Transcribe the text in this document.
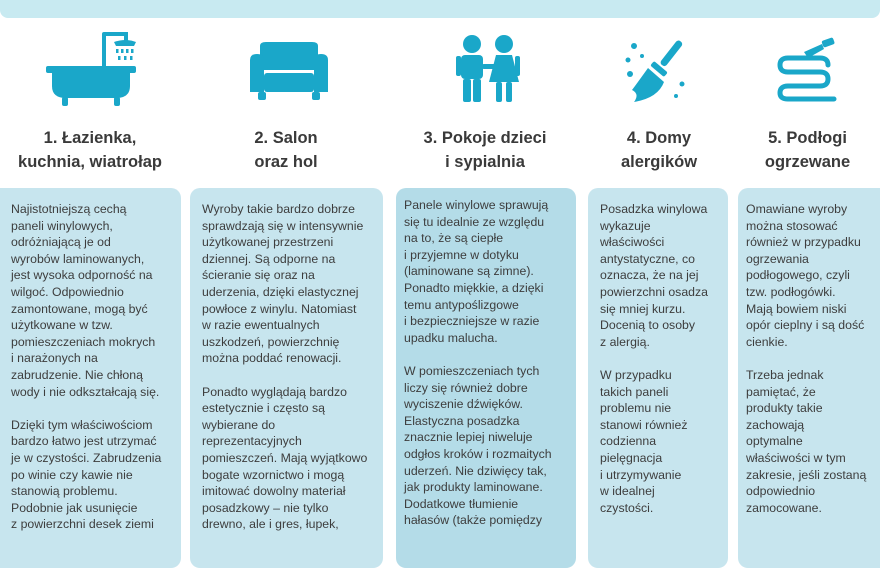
1. Łazienka,
kuchnia, wiatrołap

Najistotniejszą cechą
paneli winylowych,
odróżniającą je od
wyrobów laminowanych,
jest wysoka odporność na
wilgoć. Odpowiednio
zamontowane, mogą być
użytkowane w tzw.
pomieszczeniach mokrych
i narażonych na
zabrudzenie. Nie chłoną
wody i nie odkształcają się.

Dzięki tym właściwościom
bardzo łatwo jest utrzymać
je w czystości. Zabrudzenia
po winie czy kawie nie
stanowią problemu.
Podobnie jak usunięcie
z powierzchni desek ziemi

2. Salon
oraz hol

Wyroby takie bardzo dobrze
sprawdzają się w intensywnie
użytkowanej przestrzeni
dziennej. Są odporne na
ścieranie się oraz na
uderzenia, dzięki elastycznej
powłoce z winylu. Natomiast
w razie ewentualnych
uszkodzeń, powierzchnię
można poddać renowacji.

Ponadto wyglądają bardzo
estetycznie i często są
wybierane do
reprezentacyjnych
pomieszczeń. Mają wyjątkowo
bogate wzornictwo i mogą
imitować dowolny materiał
posadzkowy – nie tylko
drewno, ale i gres, łupek,

3. Pokoje dzieci
i sypialnia

Panele winylowe sprawują
się tu idealnie ze względu
na to, że są ciepłe
i przyjemne w dotyku
(laminowane są zimne).
Ponadto miękkie, a dzięki
temu antypoślizgowe
i bezpieczniejsze w razie
upadku malucha.

W pomieszczeniach tych
liczy się również dobre
wyciszenie dźwięków.
Elastyczna posadzka
znacznie lepiej niweluje
odgłos kroków i rozmaitych
uderzeń. Nie dziwięcy tak,
jak produkty laminowane.
Dodatkowe tłumienie
hałasów (także pomiędzy

4. Domy
alergików

Posadzka winylowa
wykazuje
właściwości
antystatyczne, co
oznacza, że na jej
powierzchni osadza
się mniej kurzu.
Docenią to osoby
z alergią.

W przypadku
takich paneli
problemu nie
stanowi również
codzienna
pielęgnacja
i utrzymywanie
w idealnej
czystości.

5. Podłogi
ogrzewane

Omawiane wyroby
można stosować
również w przypadku
ogrzewania
podłogowego, czyli
tzw. podłogówki.
Mają bowiem niski
opór cieplny i są dość
cienkie.

Trzeba jednak
pamiętać, że
produkty takie
zachowają
optymalne
właściwości w tym
zakresie, jeśli zostaną
odpowiednio
zamocowane.
